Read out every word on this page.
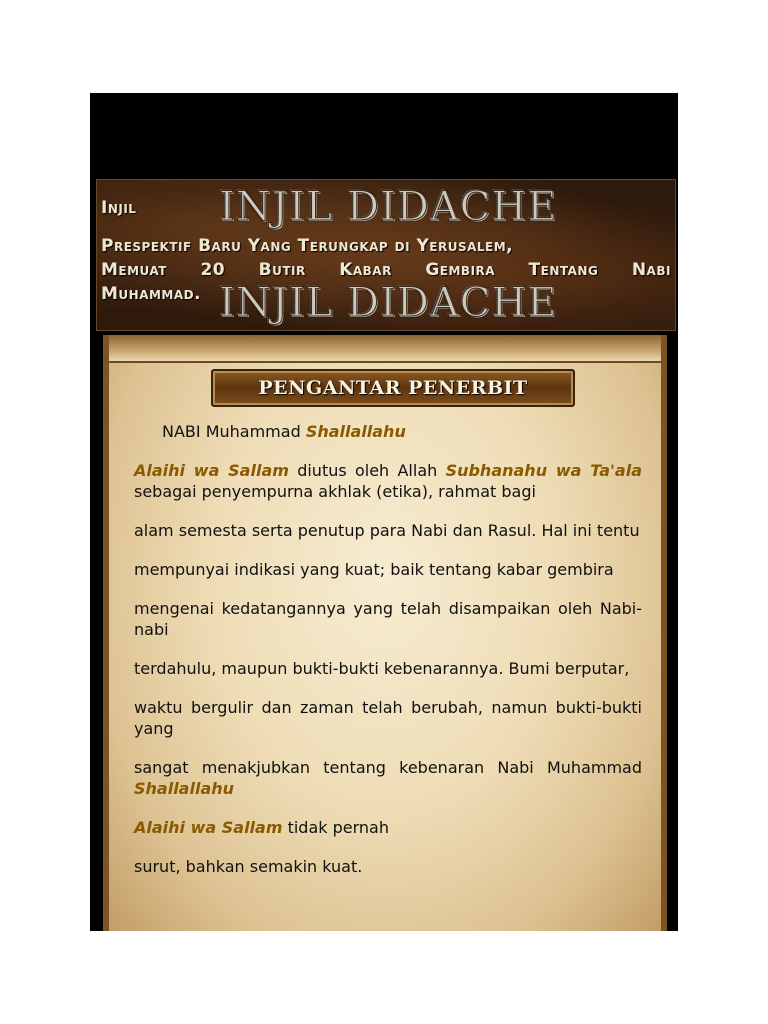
INJIL DIDACHE
INJIL DIDACHE
Injil
Prespektif Baru Yang Terungkap di Yerusalem,
Memuat 20 Butir Kabar Gembira Tentang Nabi
Muhammad.
PENGANTAR PENERBIT

NABI Muhammad Shallallahu

Alaihi wa Sallam diutus oleh Allah Subhanahu wa Ta'ala sebagai penyempurna akhlak (etika), rahmat bagi

alam semesta serta penutup para Nabi dan Rasul. Hal ini tentu

mempunyai indikasi yang kuat; baik tentang kabar gembira

mengenai kedatangannya yang telah disampaikan oleh Nabi-nabi

terdahulu, maupun bukti-bukti kebenarannya. Bumi berputar,

waktu bergulir dan zaman telah berubah, namun bukti-bukti yang

sangat menakjubkan tentang kebenaran Nabi Muhammad Shallallahu

Alaihi wa Sallam tidak pernah

surut, bahkan semakin kuat.
